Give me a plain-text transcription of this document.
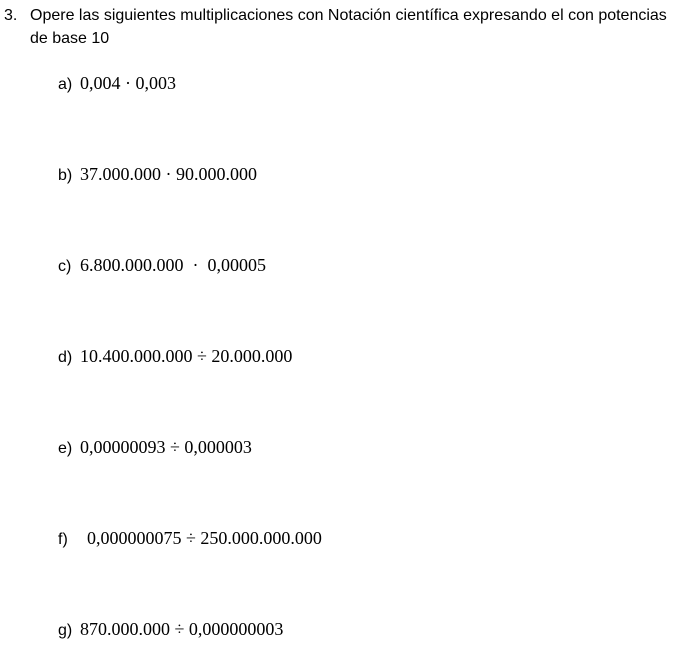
3. Opere las siguientes multiplicaciones con Notación científica expresando el con potencias de base 10
a) 0,004 · 0,003
b) 37.000.000 · 90.000.000
c) 6.800.000.000  ·  0,00005
d) 10.400.000.000 ÷ 20.000.000
e) 0,00000093 ÷ 0,000003
f) 0,000000075 ÷ 250.000.000.000
g) 870.000.000 ÷ 0,000000003
